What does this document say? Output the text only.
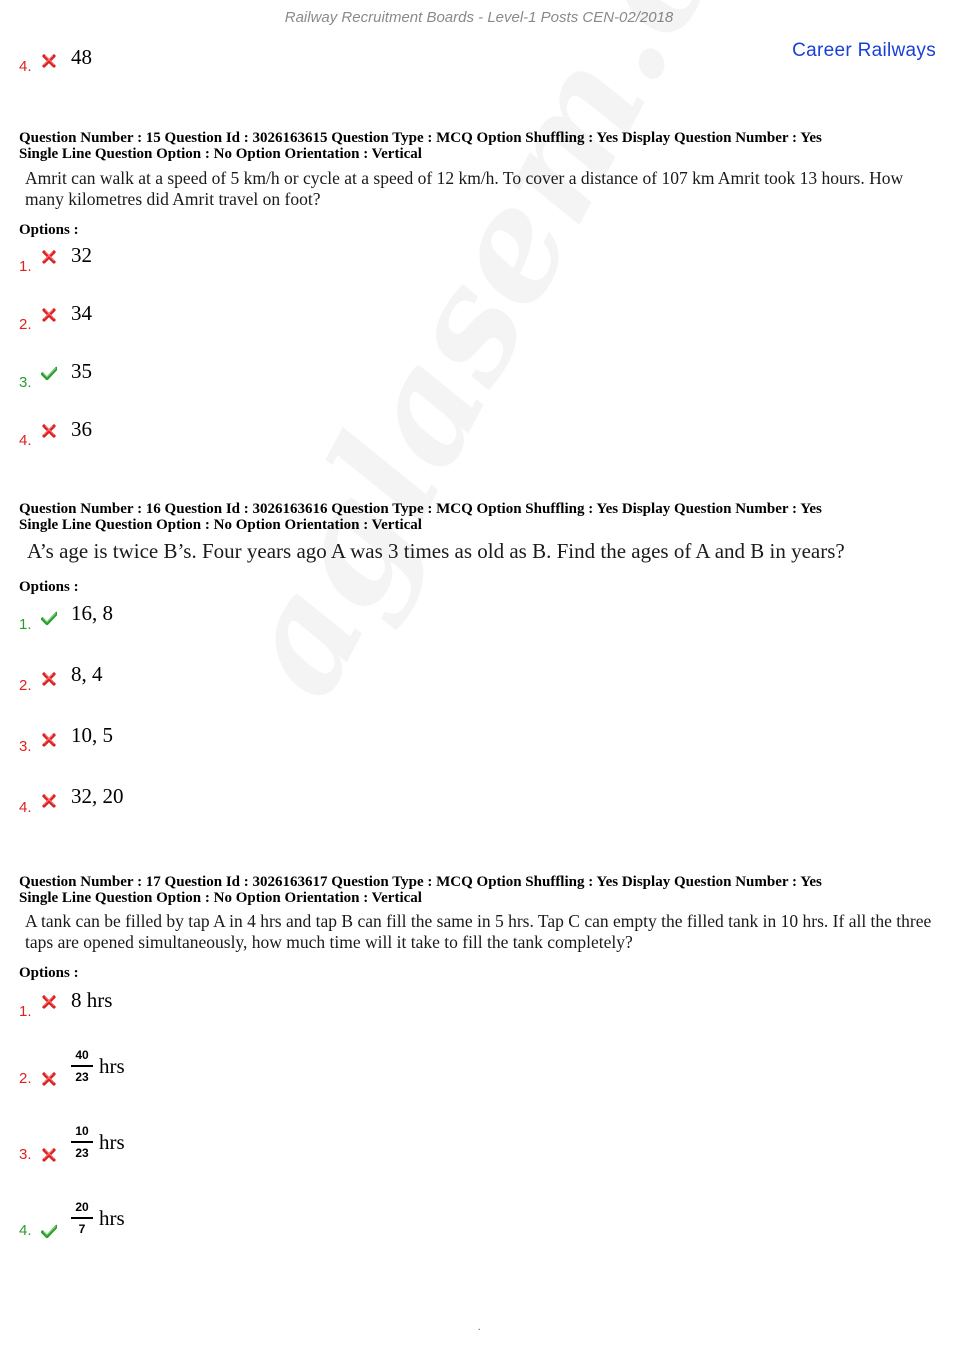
Railway Recruitment Boards - Level-1 Posts CEN-02/2018
Career Railways
4. 48
Question Number : 15 Question Id : 3026163615 Question Type : MCQ Option Shuffling : Yes Display Question Number : Yes
Single Line Question Option : No Option Orientation : Vertical
Amrit can walk at a speed of 5 km/h or cycle at a speed of 12 km/h. To cover a distance of 107 km Amrit took 13 hours. How many kilometres did Amrit travel on foot?
Options :
1. 32
2. 34
3. 35
4. 36
Question Number : 16 Question Id : 3026163616 Question Type : MCQ Option Shuffling : Yes Display Question Number : Yes
Single Line Question Option : No Option Orientation : Vertical
A’s age is twice B’s. Four years ago A was 3 times as old as B. Find the ages of A and B in years?
Options :
1. 16, 8
2. 8, 4
3. 10, 5
4. 32, 20
Question Number : 17 Question Id : 3026163617 Question Type : MCQ Option Shuffling : Yes Display Question Number : Yes
Single Line Question Option : No Option Orientation : Vertical
A tank can be filled by tap A in 4 hrs and tap B can fill the same in 5 hrs. Tap C can empty the filled tank in 10 hrs. If all the three taps are opened simultaneously, how much time will it take to fill the tank completely?
Options :
1. 8 hrs
2.
40
23 hrs
3.
10
23 hrs
4.
20
7 hrs
.
